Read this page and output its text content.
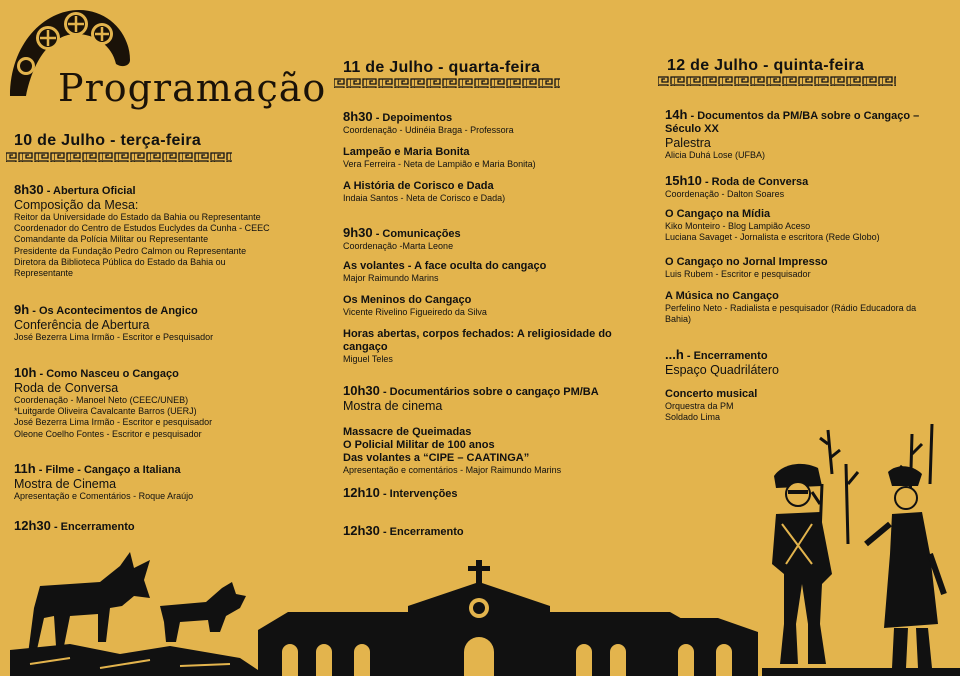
Programação
10 de Julho - terça-feira
8h30 - Abertura Oficial
Composição da Mesa:
Reitor da Universidade do Estado da Bahia ou Representante
Coordenador do Centro de Estudos Euclydes da Cunha - CEEC
Comandante da Polícia Militar ou Representante
Presidente da Fundação Pedro Calmon ou Representante
Diretora da Biblioteca Pública do Estado da Bahia ou
Representante
9h - Os Acontecimentos de Angico
Conferência de Abertura
José Bezerra Lima Irmão - Escritor e Pesquisador
10h - Como Nasceu o Cangaço
Roda de Conversa
Coordenação - Manoel Neto (CEEC/UNEB)
*Luitgarde Oliveira Cavalcante Barros (UERJ)
José Bezerra Lima Irmão - Escritor e pesquisador
Oleone Coelho Fontes - Escritor e pesquisador
11h - Filme - Cangaço a Italiana
Mostra de Cinema
Apresentação e Comentários - Roque Araújo
12h30 - Encerramento
11 de Julho - quarta-feira
8h30 - Depoimentos
Coordenação - Udinéia Braga - Professora
Lampeão e Maria Bonita
Vera Ferreira - Neta de Lampião e Maria Bonita)
A História de Corisco e Dada
Indaia Santos - Neta de Corisco e Dada)
9h30 - Comunicações
Coordenação -Marta Leone
As volantes - A face oculta do cangaço
Major Raimundo Marins
Os Meninos do Cangaço
Vicente Rivelino Figueiredo da Silva
Horas abertas, corpos fechados: A religiosidade do cangaço
Miguel Teles
10h30 - Documentários sobre o cangaço PM/BA
Mostra de cinema
Massacre de Queimadas
O Policial Militar de 100 anos
Das volantes a “CIPE – CAATINGA”
Apresentação e comentários - Major Raimundo Marins
12h10 - Intervenções
12h30 - Encerramento
12 de Julho - quinta-feira
14h - Documentos da PM/BA sobre o Cangaço –
Século XX
Palestra
Alicia Duhá Lose (UFBA)
15h10 - Roda de Conversa
Coordenação - Dalton Soares
O Cangaço na Mídia
Kiko Monteiro - Blog Lampião Aceso
Luciana Savaget - Jornalista e escritora (Rede Globo)
O Cangaço no Jornal Impresso
Luis Rubem - Escritor e pesquisador
A Música no Cangaço
Perfelino Neto - Radialista e pesquisador (Rádio Educadora da
Bahia)
...h - Encerramento
Espaço Quadrilátero
Concerto musical
Orquestra da PM
Soldado Lima
